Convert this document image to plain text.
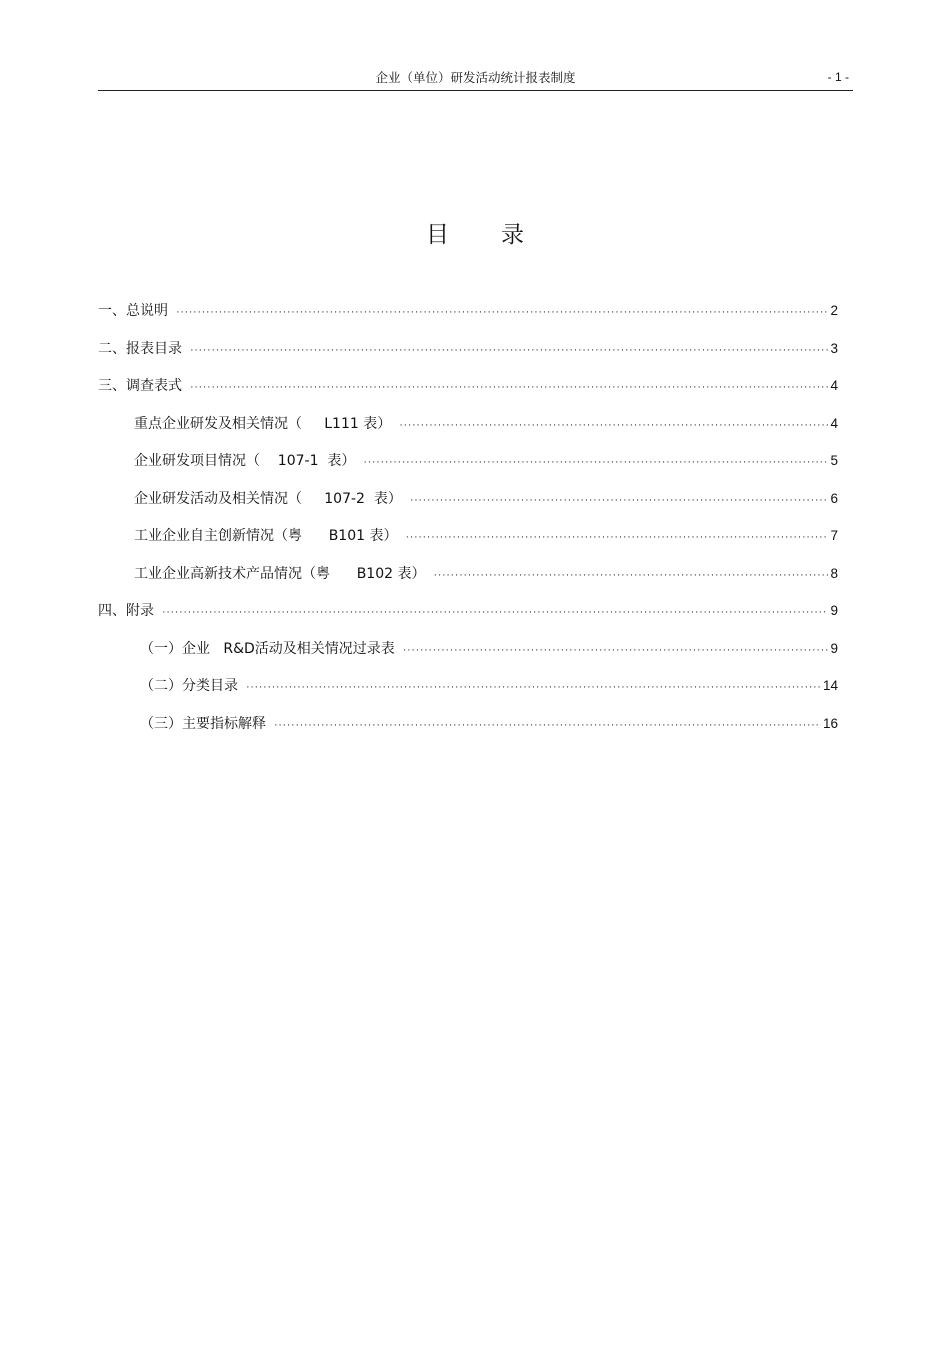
企业（单位）研发活动统计报表制度	- 1 -
目录
一、总说明 ·····	2
二、报表目录 ·····	3
三、调查表式 ·····	4
重点企业研发及相关情况（     L111 表） ·····	4
企业研发项目情况（    107-1  表） ·····	5
企业研发活动及相关情况（     107-2  表） ·····	6
工业企业自主创新情况（粤      B101 表） ·····	7
工业企业高新技术产品情况（粤      B102 表） ·····	8
四、附录 ·····	9
（一）企业   R&D活动及相关情况过录表 ·····	9
（二）分类目录 ·····	14
（三）主要指标解释 ·····	16
